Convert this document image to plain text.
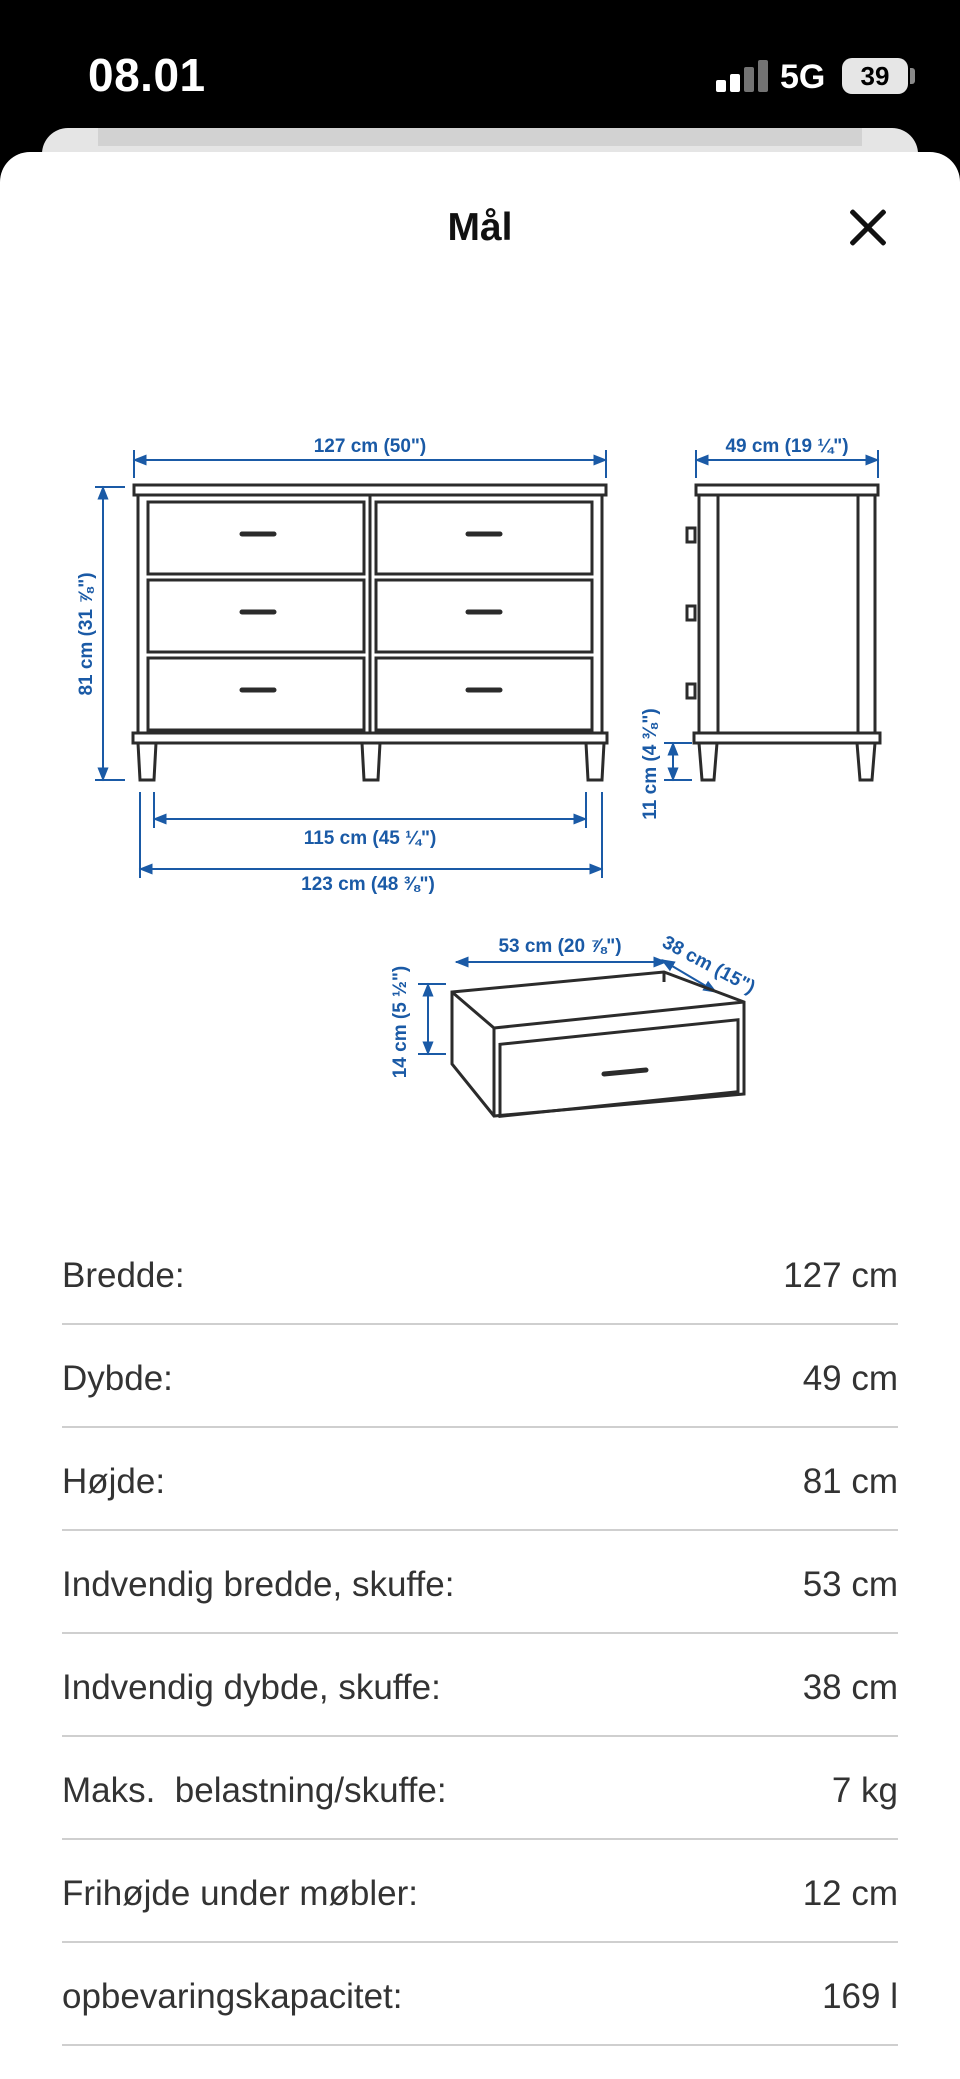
08.01	5G	39
Mål
127 cm (50")	49 cm (19 ¼")
81 cm (31 ⅞")
11 cm (4 ⅜")
115 cm (45 ¼")
123 cm (48 ⅜")
53 cm (20 ⅞") 38 cm (15")
14 cm (5 ½")
Bredde:	127 cm
Dybde:	49 cm
Højde:	81 cm
Indvendig bredde, skuffe:	53 cm
Indvendig dybde, skuffe:	38 cm
Maks.  belastning/skuffe:	7 kg
Frihøjde under møbler:	12 cm
opbevaringskapacitet:	169 l
